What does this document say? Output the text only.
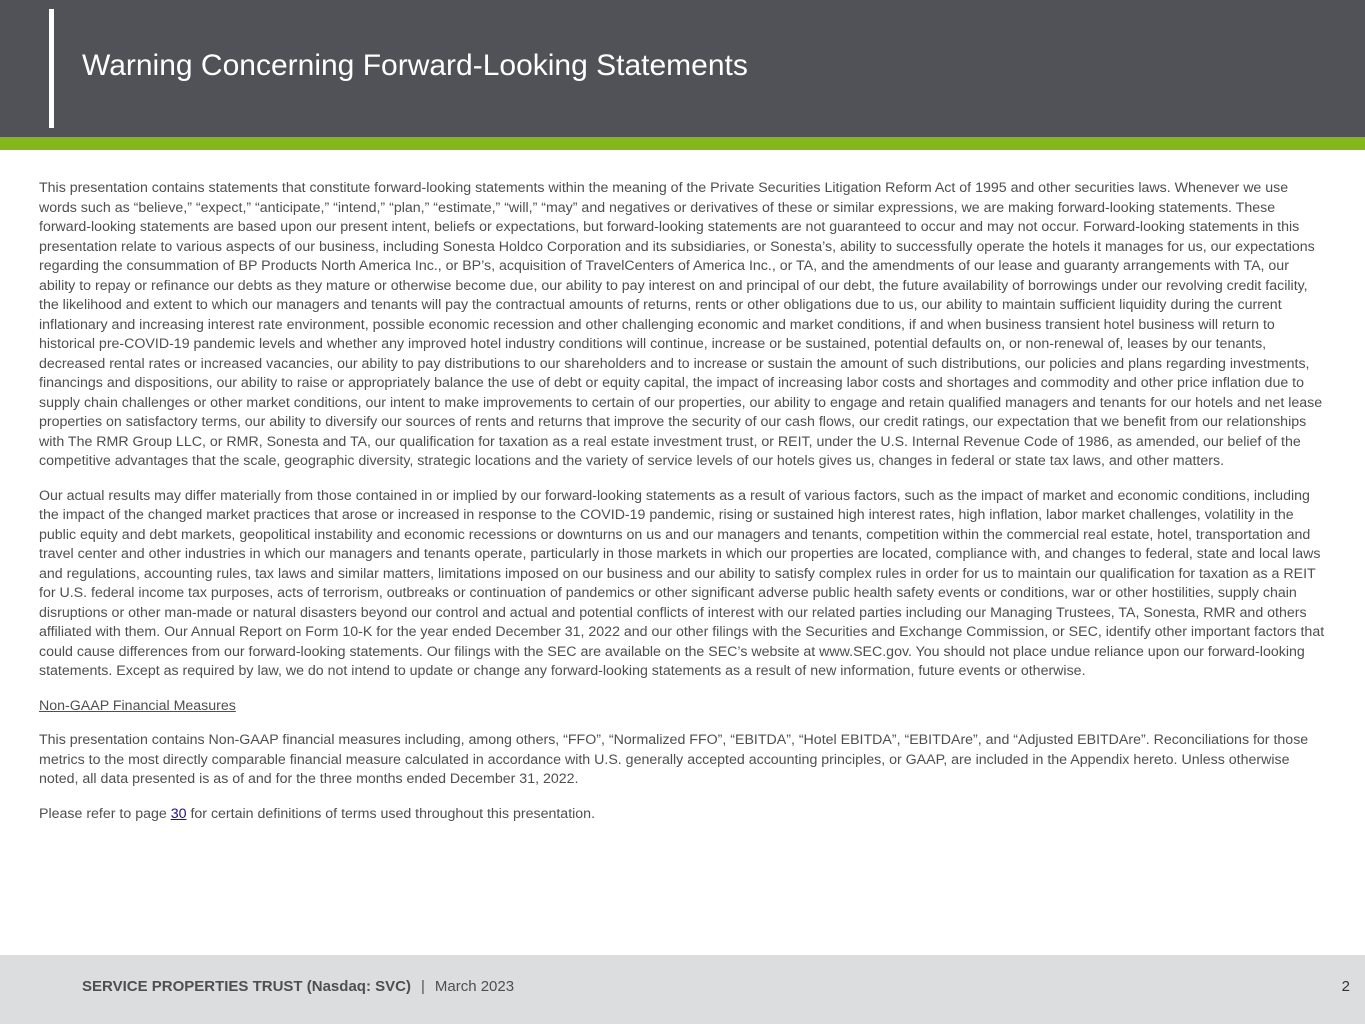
Warning Concerning Forward-Looking Statements

This presentation contains statements that constitute forward-looking statements within the meaning of the Private Securities Litigation Reform Act of 1995 and other securities laws. Whenever we use words such as “believe,” “expect,” “anticipate,” “intend,” “plan,” “estimate,” “will,” “may” and negatives or derivatives of these or similar expressions, we are making forward-looking statements. These forward-looking statements are based upon our present intent, beliefs or expectations, but forward-looking statements are not guaranteed to occur and may not occur. Forward-looking statements in this presentation relate to various aspects of our business, including Sonesta Holdco Corporation and its subsidiaries, or Sonesta’s, ability to successfully operate the hotels it manages for us, our expectations regarding the consummation of BP Products North America Inc., or BP’s, acquisition of TravelCenters of America Inc., or TA, and the amendments of our lease and guaranty arrangements with TA, our ability to repay or refinance our debts as they mature or otherwise become due, our ability to pay interest on and principal of our debt, the future availability of borrowings under our revolving credit facility, the likelihood and extent to which our managers and tenants will pay the contractual amounts of returns, rents or other obligations due to us, our ability to maintain sufficient liquidity during the current inflationary and increasing interest rate environment, possible economic recession and other challenging economic and market conditions, if and when business transient hotel business will return to historical pre-COVID-19 pandemic levels and whether any improved hotel industry conditions will continue, increase or be sustained, potential defaults on, or non-renewal of, leases by our tenants, decreased rental rates or increased vacancies, our ability to pay distributions to our shareholders and to increase or sustain the amount of such distributions, our policies and plans regarding investments, financings and dispositions, our ability to raise or appropriately balance the use of debt or equity capital, the impact of increasing labor costs and shortages and commodity and other price inflation due to supply chain challenges or other market conditions, our intent to make improvements to certain of our properties, our ability to engage and retain qualified managers and tenants for our hotels and net lease properties on satisfactory terms, our ability to diversify our sources of rents and returns that improve the security of our cash flows, our credit ratings, our expectation that we benefit from our relationships with The RMR Group LLC, or RMR, Sonesta and TA, our qualification for taxation as a real estate investment trust, or REIT, under the U.S. Internal Revenue Code of 1986, as amended, our belief of the competitive advantages that the scale, geographic diversity, strategic locations and the variety of service levels of our hotels gives us, changes in federal or state tax laws, and other matters.

Our actual results may differ materially from those contained in or implied by our forward-looking statements as a result of various factors, such as the impact of market and economic conditions, including the impact of the changed market practices that arose or increased in response to the COVID-19 pandemic, rising or sustained high interest rates, high inflation, labor market challenges, volatility in the public equity and debt markets, geopolitical instability and economic recessions or downturns on us and our managers and tenants, competition within the commercial real estate, hotel, transportation and travel center and other industries in which our managers and tenants operate, particularly in those markets in which our properties are located, compliance with, and changes to federal, state and local laws and regulations, accounting rules, tax laws and similar matters, limitations imposed on our business and our ability to satisfy complex rules in order for us to maintain our qualification for taxation as a REIT for U.S. federal income tax purposes, acts of terrorism, outbreaks or continuation of pandemics or other significant adverse public health safety events or conditions, war or other hostilities, supply chain disruptions or other man-made or natural disasters beyond our control and actual and potential conflicts of interest with our related parties including our Managing Trustees, TA, Sonesta, RMR and others affiliated with them. Our Annual Report on Form 10-K for the year ended December 31, 2022 and our other filings with the Securities and Exchange Commission, or SEC, identify other important factors that could cause differences from our forward-looking statements. Our filings with the SEC are available on the SEC’s website at www.SEC.gov. You should not place undue reliance upon our forward-looking statements. Except as required by law, we do not intend to update or change any forward-looking statements as a result of new information, future events or otherwise.

Non-GAAP Financial Measures

This presentation contains Non-GAAP financial measures including, among others, “FFO”, “Normalized FFO”, “EBITDA”, “Hotel EBITDA”, “EBITDAre”, and “Adjusted EBITDAre”. Reconciliations for those metrics to the most directly comparable financial measure calculated in accordance with U.S. generally accepted accounting principles, or GAAP, are included in the Appendix hereto. Unless otherwise noted, all data presented is as of and for the three months ended December 31, 2022.

Please refer to page 30 for certain definitions of terms used throughout this presentation.

SERVICE PROPERTIES TRUST (Nasdaq: SVC) | March 2023	2
